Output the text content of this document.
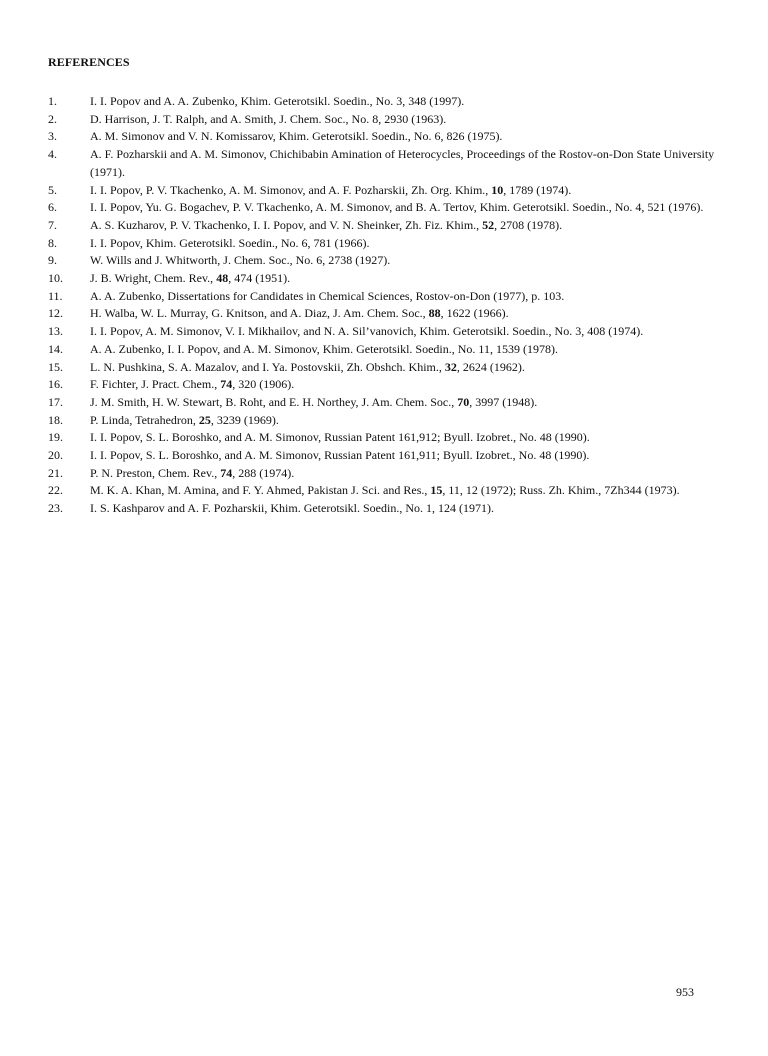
REFERENCES
1.	I. I. Popov and A. A. Zubenko, Khim. Geterotsikl. Soedin., No. 3, 348 (1997).
2.	D. Harrison, J. T. Ralph, and A. Smith, J. Chem. Soc., No. 8, 2930 (1963).
3.	A. M. Simonov and V. N. Komissarov, Khim. Geterotsikl. Soedin., No. 6, 826 (1975).
4.	A. F. Pozharskii and A. M. Simonov, Chichibabin Amination of Heterocycles, Proceedings of the Rostov-on-Don State University (1971).
5.	I. I. Popov, P. V. Tkachenko, A. M. Simonov, and A. F. Pozharskii, Zh. Org. Khim., 10, 1789 (1974).
6.	I. I. Popov, Yu. G. Bogachev, P. V. Tkachenko, A. M. Simonov, and B. A. Tertov, Khim. Geterotsikl. Soedin., No. 4, 521 (1976).
7.	A. S. Kuzharov, P. V. Tkachenko, I. I. Popov, and V. N. Sheinker, Zh. Fiz. Khim., 52, 2708 (1978).
8.	I. I. Popov, Khim. Geterotsikl. Soedin., No. 6, 781 (1966).
9.	W. Wills and J. Whitworth, J. Chem. Soc., No. 6, 2738 (1927).
10.	J. B. Wright, Chem. Rev., 48, 474 (1951).
11.	A. A. Zubenko, Dissertations for Candidates in Chemical Sciences, Rostov-on-Don (1977), p. 103.
12.	H. Walba, W. L. Murray, G. Knitson, and A. Diaz, J. Am. Chem. Soc., 88, 1622 (1966).
13.	I. I. Popov, A. M. Simonov, V. I. Mikhailov, and N. A. Sil’vanovich, Khim. Geterotsikl. Soedin., No. 3, 408 (1974).
14.	A. A. Zubenko, I. I. Popov, and A. M. Simonov, Khim. Geterotsikl. Soedin., No. 11, 1539 (1978).
15.	L. N. Pushkina, S. A. Mazalov, and I. Ya. Postovskii, Zh. Obshch. Khim., 32, 2624 (1962).
16.	F. Fichter, J. Pract. Chem., 74, 320 (1906).
17.	J. M. Smith, H. W. Stewart, B. Roht, and E. H. Northey, J. Am. Chem. Soc., 70, 3997 (1948).
18.	P. Linda, Tetrahedron, 25, 3239 (1969).
19.	I. I. Popov, S. L. Boroshko, and A. M. Simonov, Russian Patent 161,912; Byull. Izobret., No. 48 (1990).
20.	I. I. Popov, S. L. Boroshko, and A. M. Simonov, Russian Patent 161,911; Byull. Izobret., No. 48 (1990).
21.	P. N. Preston, Chem. Rev., 74, 288 (1974).
22.	M. K. A. Khan, M. Amina, and F. Y. Ahmed, Pakistan J. Sci. and Res., 15, 11, 12 (1972); Russ. Zh. Khim., 7Zh344 (1973).
23.	I. S. Kashparov and A. F. Pozharskii, Khim. Geterotsikl. Soedin., No. 1, 124 (1971).
953
